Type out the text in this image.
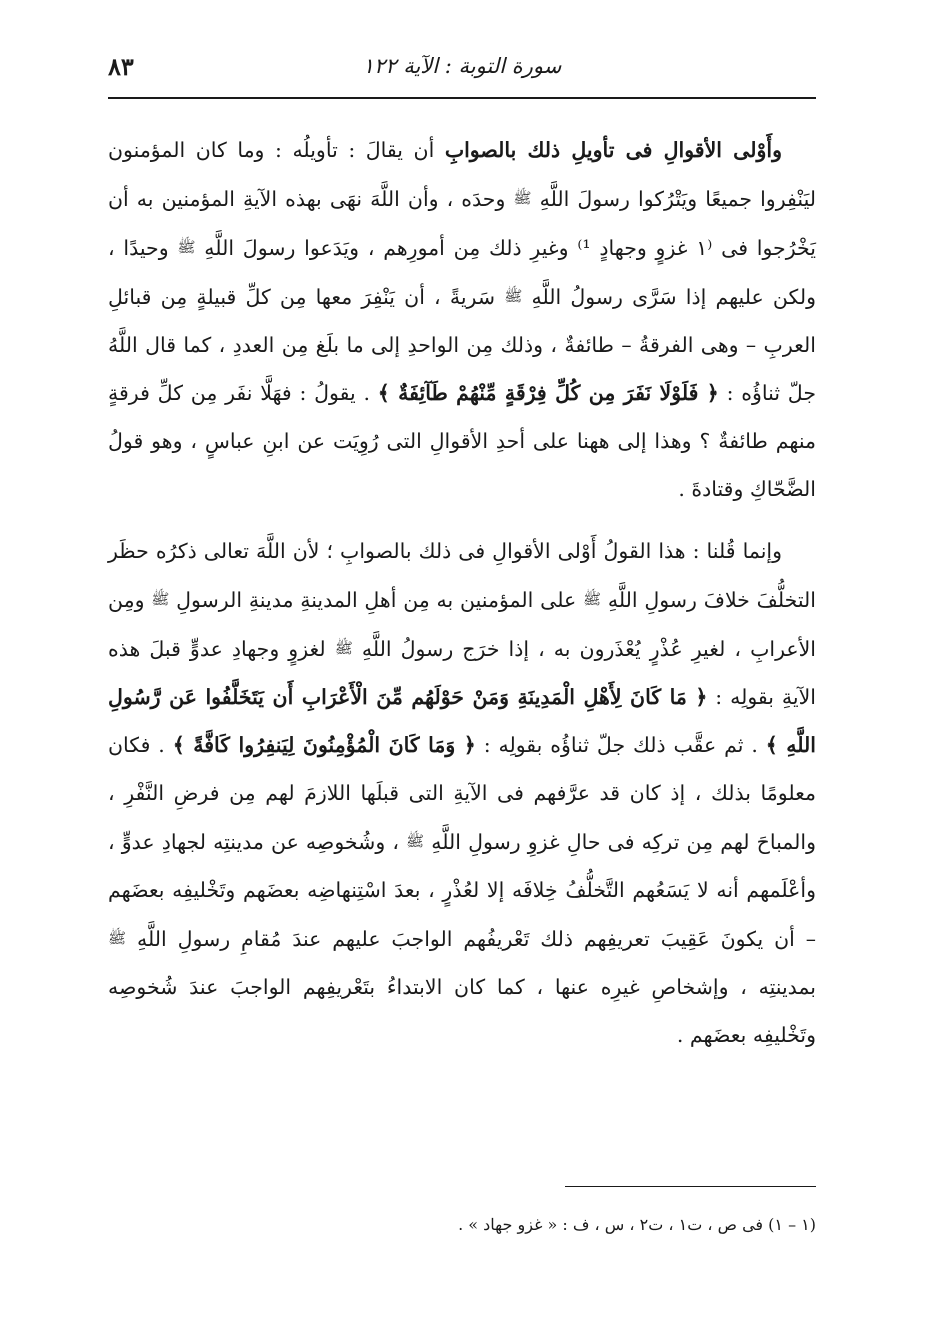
سورة التوبة : الآية ١٢٢
٨٣

وأَوْلى الأقوالِ فى تأويلِ ذلك بالصوابِ أن يقالَ : تأويلُه : وما كان المؤمنون ليَنْفِروا جميعًا ويَتْرُكوا رسولَ اللَّهِ ﷺ وحدَه ، وأن اللَّهَ نهَى بهذه الآيةِ المؤمنين به أن يَخْرُجوا فى ⁽١ غزوٍ وجهادٍ ¹⁾ وغيرِ ذلك مِن أمورِهم ، ويَدَعوا رسولَ اللَّهِ ﷺ وحيدًا ، ولكن عليهم إذا سَرَّى رسولُ اللَّهِ ﷺ سَريةً ، أن يَنْفِرَ معها مِن كلِّ قبيلةٍ مِن قبائلِ العربِ – وهى الفرقةُ – طائفةٌ ، وذلك مِن الواحدِ إلى ما بلَغ مِن العددِ ، كما قال اللَّهُ جلّ ثناؤُه : ﴿ فَلَوْلَا نَفَرَ مِن كُلِّ فِرْقَةٍ مِّنْهُمْ طَآئِفَةٌ ﴾ . يقولُ : فهَلَّا نفَر مِن كلِّ فرقةٍ منهم طائفةٌ ؟ وهذا إلى ههنا على أحدِ الأقوالِ التى رُوِيَت عن ابنِ عباسٍ ، وهو قولُ الضَّحّاكِ وقتادةَ .

وإنما قُلنا : هذا القولُ أَوْلى الأقوالِ فى ذلك بالصوابِ ؛ لأن اللَّهَ تعالى ذكرُه حظَر التخلُّفَ خلافَ رسولِ اللَّهِ ﷺ على المؤمنين به مِن أهلِ المدينةِ مدينةِ الرسولِ ﷺ ومِن الأعرابِ ، لغيرِ عُذْرٍ يُعْذَرون به ، إذا خرَج رسولُ اللَّهِ ﷺ لغزوٍ وجهادِ عدوٍّ قبلَ هذه الآيةِ بقولِه : ﴿ مَا كَانَ لِأَهْلِ الْمَدِينَةِ وَمَنْ حَوْلَهُم مِّنَ الْأَعْرَابِ أَن يَتَخَلَّفُوا عَن رَّسُولِ اللَّهِ ﴾ . ثم عقَّب ذلك جلّ ثناؤُه بقولِه : ﴿ وَمَا كَانَ الْمُؤْمِنُونَ لِيَنفِرُوا كَافَّةً ﴾ . فكان معلومًا بذلك ، إذ كان قد عرَّفهم فى الآيةِ التى قبلَها اللازمَ لهم مِن فرضِ النَّفْرِ ، والمباحَ لهم مِن تركِه فى حالِ غزوِ رسولِ اللَّهِ ﷺ ، وشُخوصِه عن مدينتِه لجهادِ عدوٍّ ، وأعْلَمهم أنه لا يَسَعُهم التَّخلُّفُ خِلافَه إلا لعُذْرٍ ، بعدَ اسْتِنهاضِه بعضَهم وتَخْليفِه بعضَهم – أن يكونَ عَقِيبَ تعريفِهم ذلك تَعْريفُهم الواجبَ عليهم عندَ مُقامِ رسولِ اللَّهِ ﷺ بمدينتِه ، وإشخاصِ غيرِه عنها ، كما كان الابتداءُ بتَعْريفِهم الواجبَ عندَ شُخوصِه وتَخْليفِه بعضَهم .

(١ – ١) فى ص ، ت١ ، ت٢ ، س ، ف : « غزو جهاد » .
